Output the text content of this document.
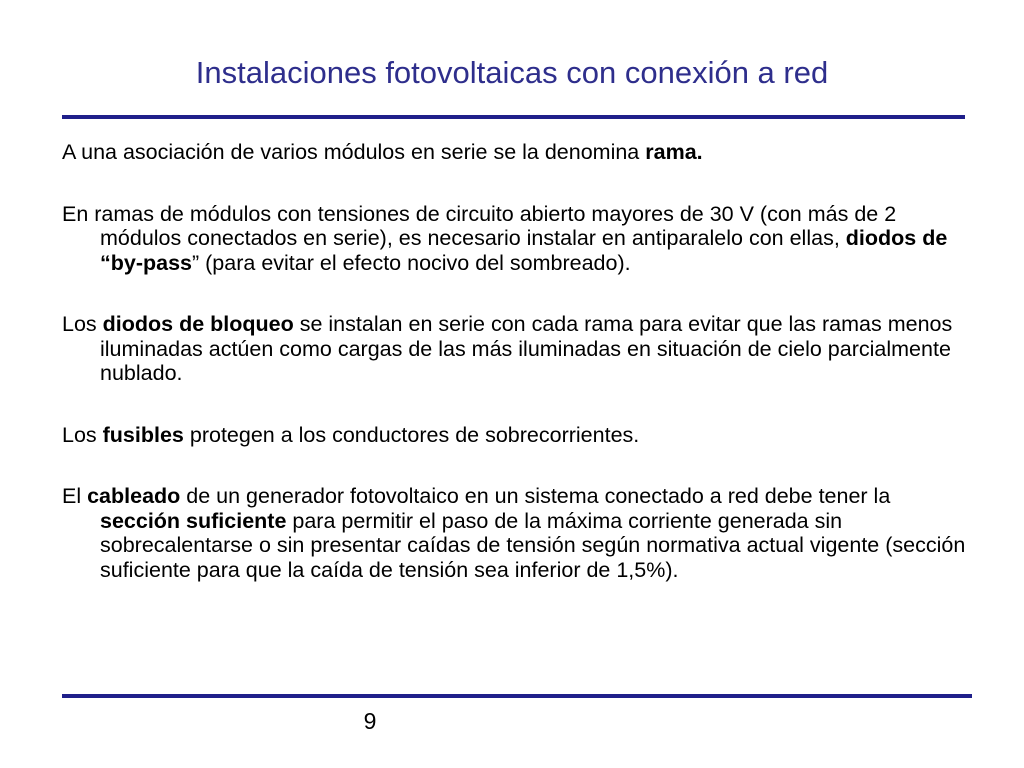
Instalaciones fotovoltaicas con conexión a red

A una asociación de varios módulos en serie se la denomina rama.

En ramas de módulos con tensiones de circuito abierto mayores de 30 V (con más de 2 módulos conectados en serie), es necesario instalar en antiparalelo con ellas, diodos de “by-pass” (para evitar el efecto nocivo del sombreado).

Los diodos de bloqueo se instalan en serie con cada rama para evitar que las ramas menos iluminadas actúen como cargas de las más iluminadas en situación de cielo parcialmente nublado.

Los fusibles protegen a los conductores de sobrecorrientes.

El cableado de un generador fotovoltaico en un sistema conectado a red debe tener la sección suficiente para permitir el paso de la máxima corriente generada sin sobrecalentarse o sin presentar caídas de tensión según normativa actual vigente (sección suficiente para que la caída de tensión sea inferior de 1,5%).

9
